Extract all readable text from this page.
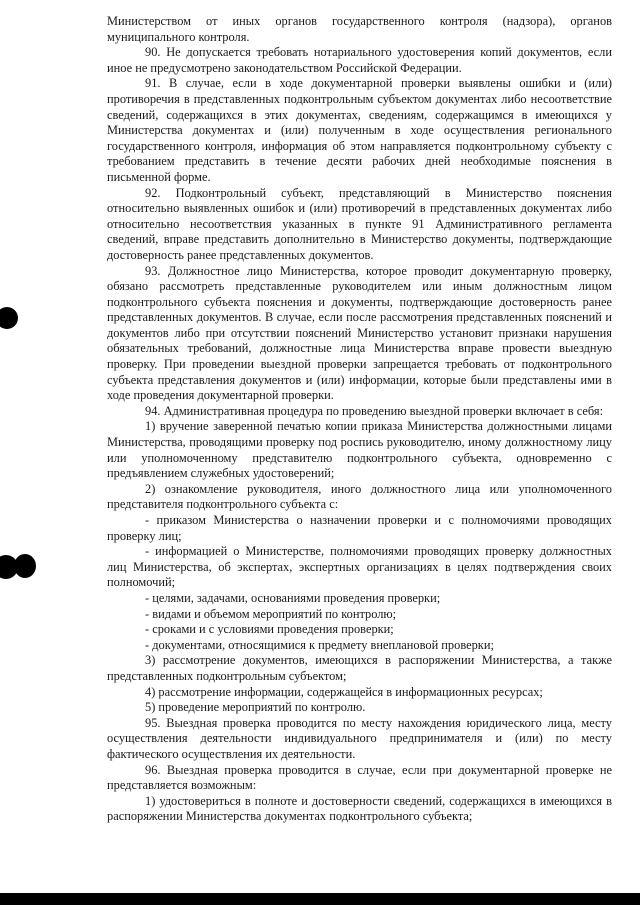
Министерством от иных органов государственного контроля (надзора), органов муниципального контроля.

90. Не допускается требовать нотариального удостоверения копий документов, если иное не предусмотрено законодательством Российской Федерации.

91. В случае, если в ходе документарной проверки выявлены ошибки и (или) противоречия в представленных подконтрольным субъектом документах либо несоответствие сведений, содержащихся в этих документах, сведениям, содержащимся в имеющихся у Министерства документах и (или) полученным в ходе осуществления регионального государственного контроля, информация об этом направляется подконтрольному субъекту с требованием представить в течение десяти рабочих дней необходимые пояснения в письменной форме.

92. Подконтрольный субъект, представляющий в Министерство пояснения относительно выявленных ошибок и (или) противоречий в представленных документах либо относительно несоответствия указанных в пункте 91 Административного регламента сведений, вправе представить дополнительно в Министерство документы, подтверждающие достоверность ранее представленных документов.

93. Должностное лицо Министерства, которое проводит документарную проверку, обязано рассмотреть представленные руководителем или иным должностным лицом подконтрольного субъекта пояснения и документы, подтверждающие достоверность ранее представленных документов. В случае, если после рассмотрения представленных пояснений и документов либо при отсутствии пояснений Министерство установит признаки нарушения обязательных требований, должностные лица Министерства вправе провести выездную проверку. При проведении выездной проверки запрещается требовать от подконтрольного субъекта представления документов и (или) информации, которые были представлены ими в ходе проведения документарной проверки.

94. Административная процедура по проведению выездной проверки включает в себя:

1) вручение заверенной печатью копии приказа Министерства должностными лицами Министерства, проводящими проверку под роспись руководителю, иному должностному лицу или уполномоченному представителю подконтрольного субъекта, одновременно с предъявлением служебных удостоверений;

2) ознакомление руководителя, иного должностного лица или уполномоченного представителя подконтрольного субъекта с:

- приказом Министерства о назначении проверки и с полномочиями проводящих проверку лиц;

- информацией о Министерстве, полномочиями проводящих проверку должностных лиц Министерства, об экспертах, экспертных организациях в целях подтверждения своих полномочий;

- целями, задачами, основаниями проведения проверки;

- видами и объемом мероприятий по контролю;

- сроками и с условиями проведения проверки;

- документами, относящимися к предмету внеплановой проверки;

3) рассмотрение документов, имеющихся в распоряжении Министерства, а также представленных подконтрольным субъектом;

4) рассмотрение информации, содержащейся в информационных ресурсах;

5) проведение мероприятий по контролю.

95. Выездная проверка проводится по месту нахождения юридического лица, месту осуществления деятельности индивидуального предпринимателя и (или) по месту фактического осуществления их деятельности.

96. Выездная проверка проводится в случае, если при документарной проверке не представляется возможным:

1) удостовериться в полноте и достоверности сведений, содержащихся в имеющихся в распоряжении Министерства документах подконтрольного субъекта;
